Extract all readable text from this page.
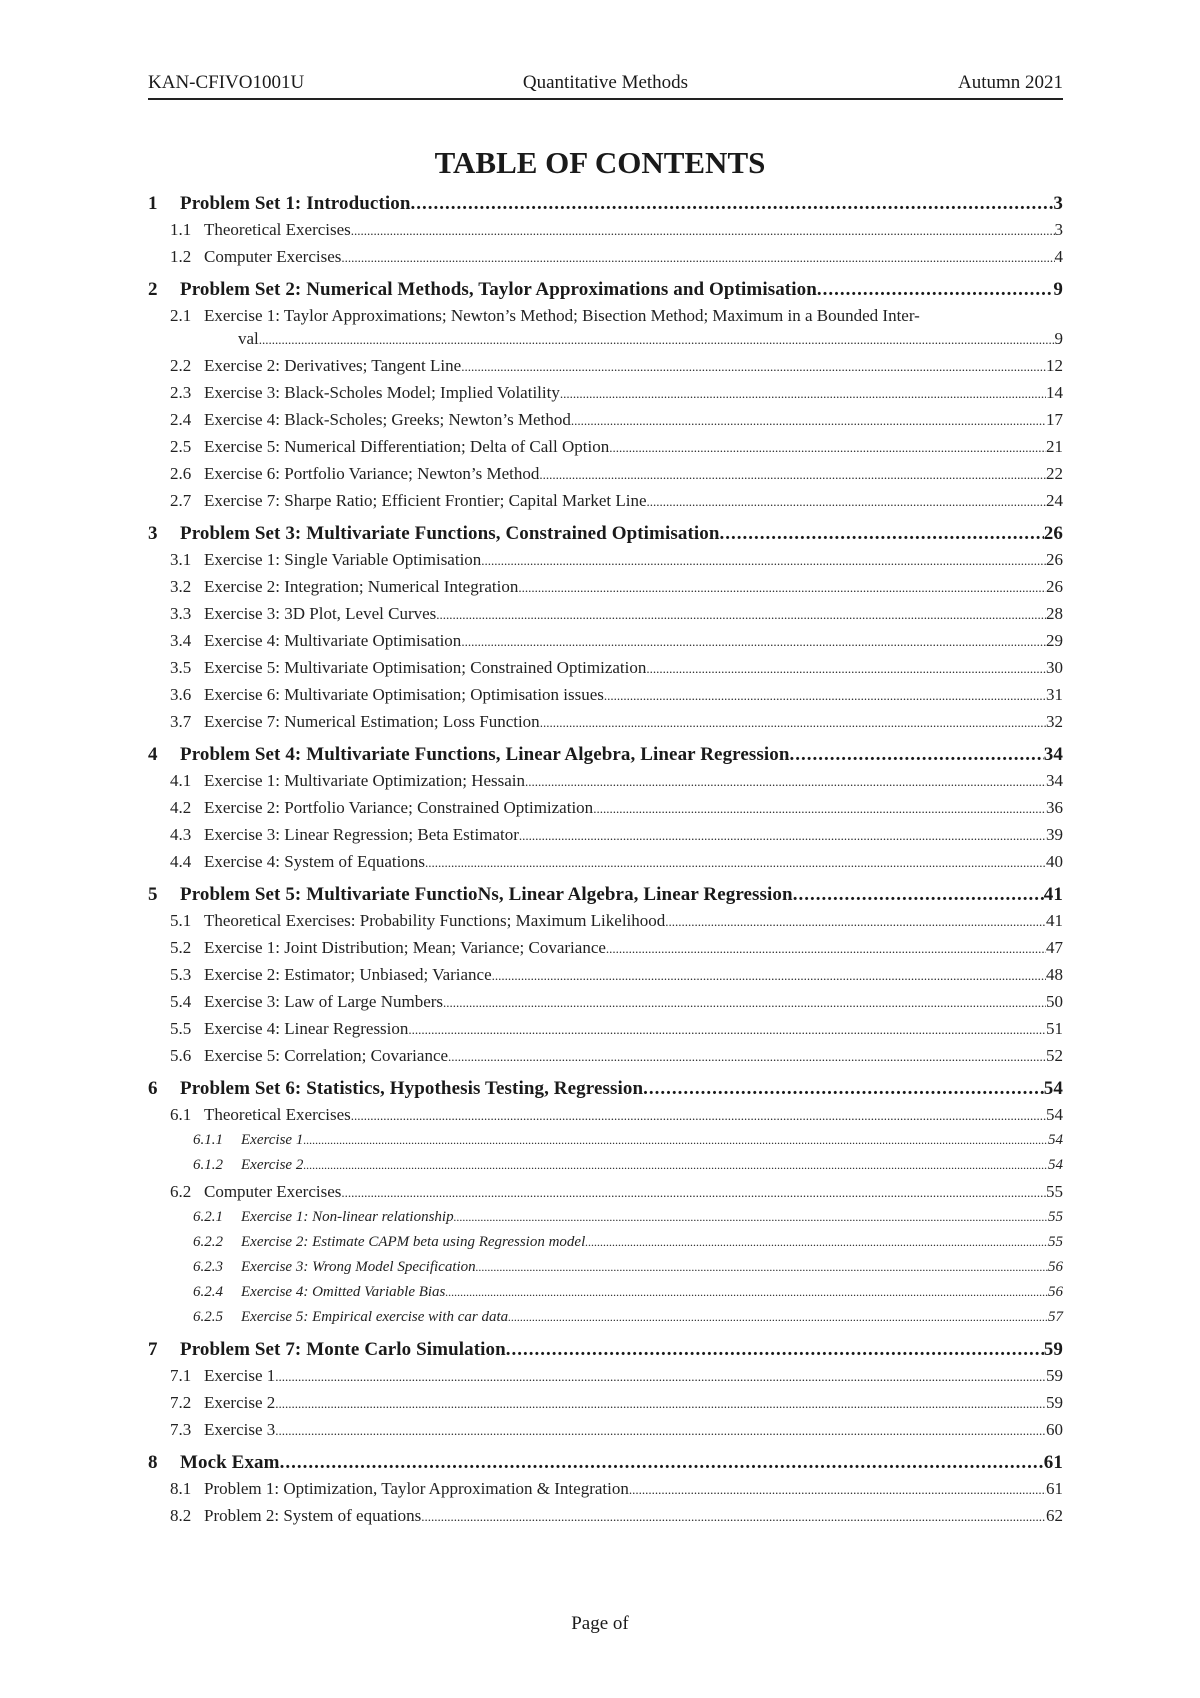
KAN-CFIVO1001U	Quantitative Methods	Autumn 2021
TABLE OF CONTENTS
1	Problem Set 1: Introduction .....	3
1.1 Theoretical Exercises .....	3
1.2 Computer Exercises .....	4
2	Problem Set 2: Numerical Methods, Taylor Approximations and Optimisation .....	9
2.1 Exercise 1: Taylor Approximations; Newton’s Method; Bisection Method; Maximum in a Bounded Inter-
val .....	9
2.2 Exercise 2: Derivatives; Tangent Line .....	12
2.3 Exercise 3: Black-Scholes Model; Implied Volatility .....	14
2.4 Exercise 4: Black-Scholes; Greeks; Newton’s Method .....	17
2.5 Exercise 5: Numerical Differentiation; Delta of Call Option .....	21
2.6 Exercise 6: Portfolio Variance; Newton’s Method .....	22
2.7 Exercise 7: Sharpe Ratio; Efficient Frontier; Capital Market Line .....	24
3	Problem Set 3: Multivariate Functions, Constrained Optimisation .....	26
3.1 Exercise 1: Single Variable Optimisation .....	26
3.2 Exercise 2: Integration; Numerical Integration .....	26
3.3 Exercise 3: 3D Plot, Level Curves .....	28
3.4 Exercise 4: Multivariate Optimisation .....	29
3.5 Exercise 5: Multivariate Optimisation; Constrained Optimization .....	30
3.6 Exercise 6: Multivariate Optimisation; Optimisation issues .....	31
3.7 Exercise 7: Numerical Estimation; Loss Function .....	32
4	Problem Set 4: Multivariate Functions, Linear Algebra, Linear Regression .....	34
4.1 Exercise 1: Multivariate Optimization; Hessain .....	34
4.2 Exercise 2: Portfolio Variance; Constrained Optimization .....	36
4.3 Exercise 3: Linear Regression; Beta Estimator .....	39
4.4 Exercise 4: System of Equations .....	40
5	Problem Set 5: Multivariate FunctioNs, Linear Algebra, Linear Regression .....	41
5.1 Theoretical Exercises: Probability Functions; Maximum Likelihood .....	41
5.2 Exercise 1: Joint Distribution; Mean; Variance; Covariance .....	47
5.3 Exercise 2: Estimator; Unbiased; Variance .....	48
5.4 Exercise 3: Law of Large Numbers .....	50
5.5 Exercise 4: Linear Regression .....	51
5.6 Exercise 5: Correlation; Covariance .....	52
6	Problem Set 6: Statistics, Hypothesis Testing, Regression .....	54
6.1 Theoretical Exercises .....	54
6.1.1	Exercise 1 .....	54
6.1.2	Exercise 2 .....	54
6.2 Computer Exercises .....	55
6.2.1	Exercise 1: Non-linear relationship .....	55
6.2.2	Exercise 2: Estimate CAPM beta using Regression model .....	55
6.2.3	Exercise 3: Wrong Model Specification .....	56
6.2.4	Exercise 4: Omitted Variable Bias .....	56
6.2.5	Exercise 5: Empirical exercise with car data .....	57
7	Problem Set 7: Monte Carlo Simulation .....	59
7.1 Exercise 1 .....	59
7.2 Exercise 2 .....	59
7.3 Exercise 3 .....	60
8	Mock Exam .....	61
8.1 Problem 1: Optimization, Taylor Approximation & Integration .....	61
8.2 Problem 2: System of equations .....	62
Page of
